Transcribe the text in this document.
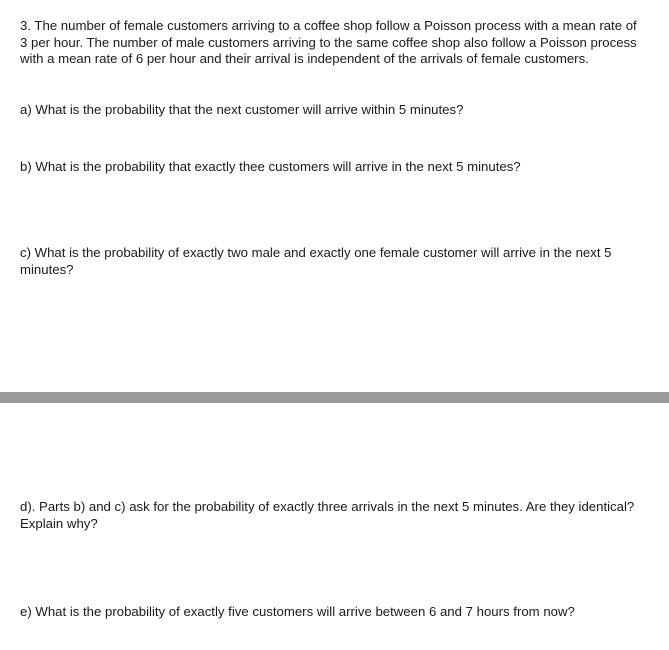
3. The number of female customers arriving to a coffee shop follow a Poisson process with a mean rate of 3 per hour. The number of male customers arriving to the same coffee shop also follow a Poisson process with a mean rate of 6 per hour and their arrival is independent of the arrivals of female customers.

a) What is the probability that the next customer will arrive within 5 minutes?

b) What is the probability that exactly thee customers will arrive in the next 5 minutes?

c) What is the probability of exactly two male and exactly one female customer will arrive in the next 5 minutes?

d). Parts b) and c) ask for the probability of exactly three arrivals in the next 5 minutes. Are they identical? Explain why?

e) What is the probability of exactly five customers will arrive between 6 and 7 hours from now?
